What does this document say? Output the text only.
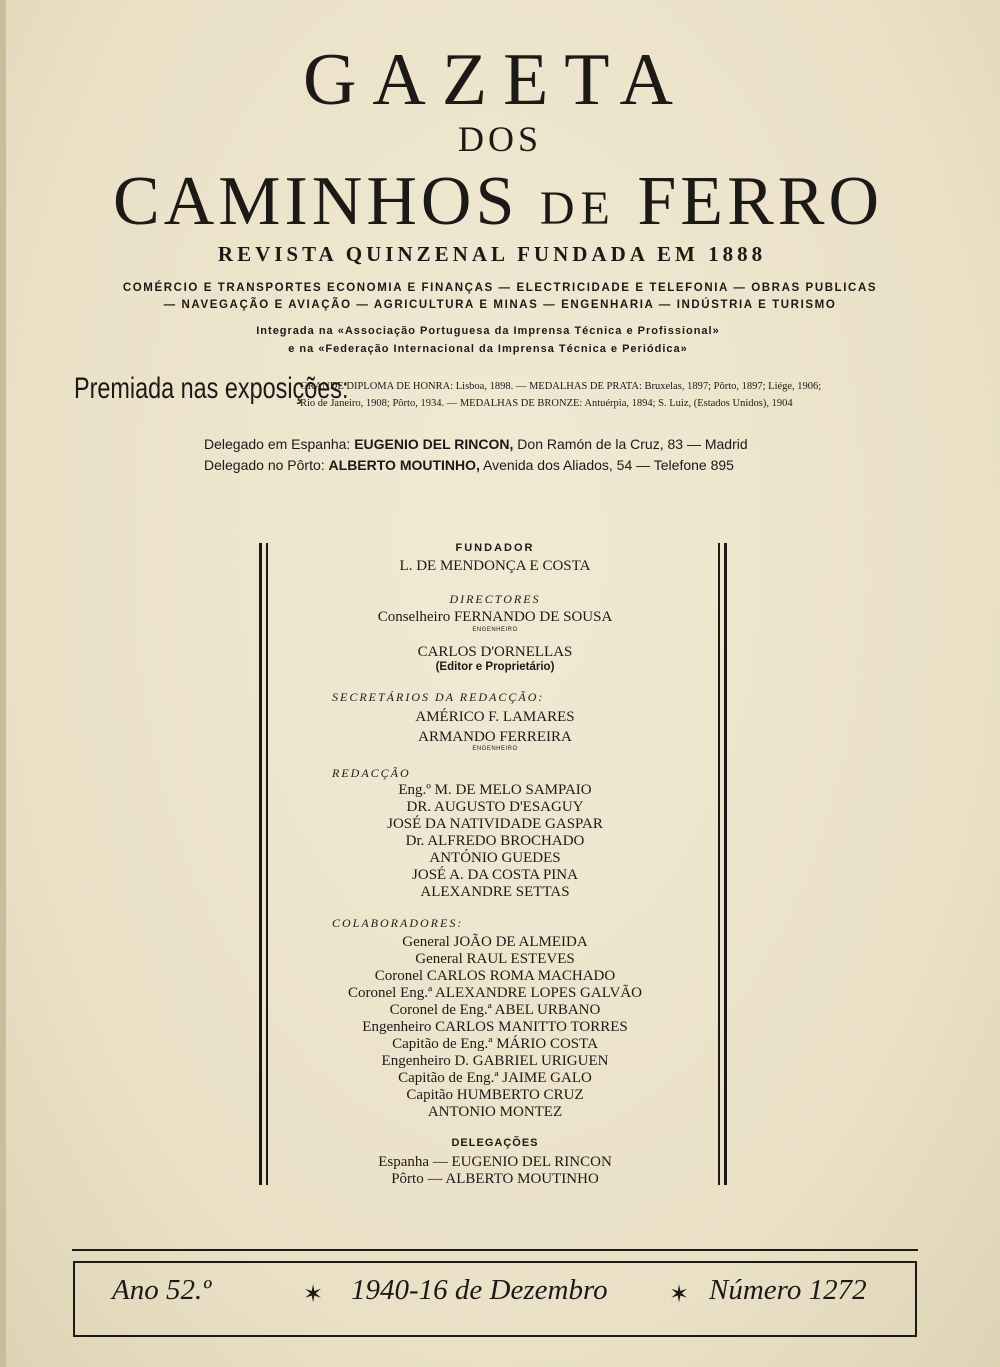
GAZETA
DOS
CAMINHOS DE FERRO
REVISTA QUINZENAL FUNDADA EM 1888
COMÉRCIO E TRANSPORTES ECONOMIA E FINANÇAS — ELECTRICIDADE E TELEFONIA — OBRAS PUBLICAS
— NAVEGAÇÃO E AVIAÇÃO — AGRICULTURA E MINAS — ENGENHARIA — INDÚSTRIA E TURISMO
Integrada na «Associação Portuguesa da Imprensa Técnica e Profissional»
e na «Federação Internacional da Imprensa Técnica e Periódica»
Premiada nas exposições:
GRANDE DIPLOMA DE HONRA: Lisboa, 1898. — MEDALHAS DE PRATA: Bruxelas, 1897; Pôrto, 1897; Liége, 1906;
Rio de Janeiro, 1908; Pôrto, 1934. — MEDALHAS DE BRONZE: Antuérpia, 1894; S. Luiz, (Estados Unidos), 1904
Delegado em Espanha: EUGENIO DEL RINCON, Don Ramón de la Cruz, 83 — Madrid
Delegado no Pôrto: ALBERTO MOUTINHO, Avenida dos Aliados, 54 — Telefone 895
FUNDADOR
L. DE MENDONÇA E COSTA
DIRECTORES
Conselheiro FERNANDO DE SOUSA
ENGENHEIRO
CARLOS D'ORNELLAS
(Editor e Proprietário)
SECRETÁRIOS DA REDACÇÃO:
AMÉRICO F. LAMARES
ARMANDO FERREIRA
ENGENHEIRO
REDACÇÃO
Eng.º M. DE MELO SAMPAIO
DR. AUGUSTO D'ESAGUY
JOSÉ DA NATIVIDADE GASPAR
Dr. ALFREDO BROCHADO
ANTÓNIO GUEDES
JOSÉ A. DA COSTA PINA
ALEXANDRE SETTAS
COLABORADORES:
General JOÃO DE ALMEIDA
General RAUL ESTEVES
Coronel CARLOS ROMA MACHADO
Coronel Eng.ª ALEXANDRE LOPES GALVÃO
Coronel de Eng.ª ABEL URBANO
Engenheiro CARLOS MANITTO TORRES
Capitão de Eng.ª MÁRIO COSTA
Engenheiro D. GABRIEL URIGUEN
Capitão de Eng.ª JAIME GALO
Capitão HUMBERTO CRUZ
ANTONIO MONTEZ
DELEGAÇÕES
Espanha — EUGENIO DEL RINCON
Pôrto — ALBERTO MOUTINHO
Ano 52.º	✶ 1940-16 de Dezembro	✶ Número 1272
